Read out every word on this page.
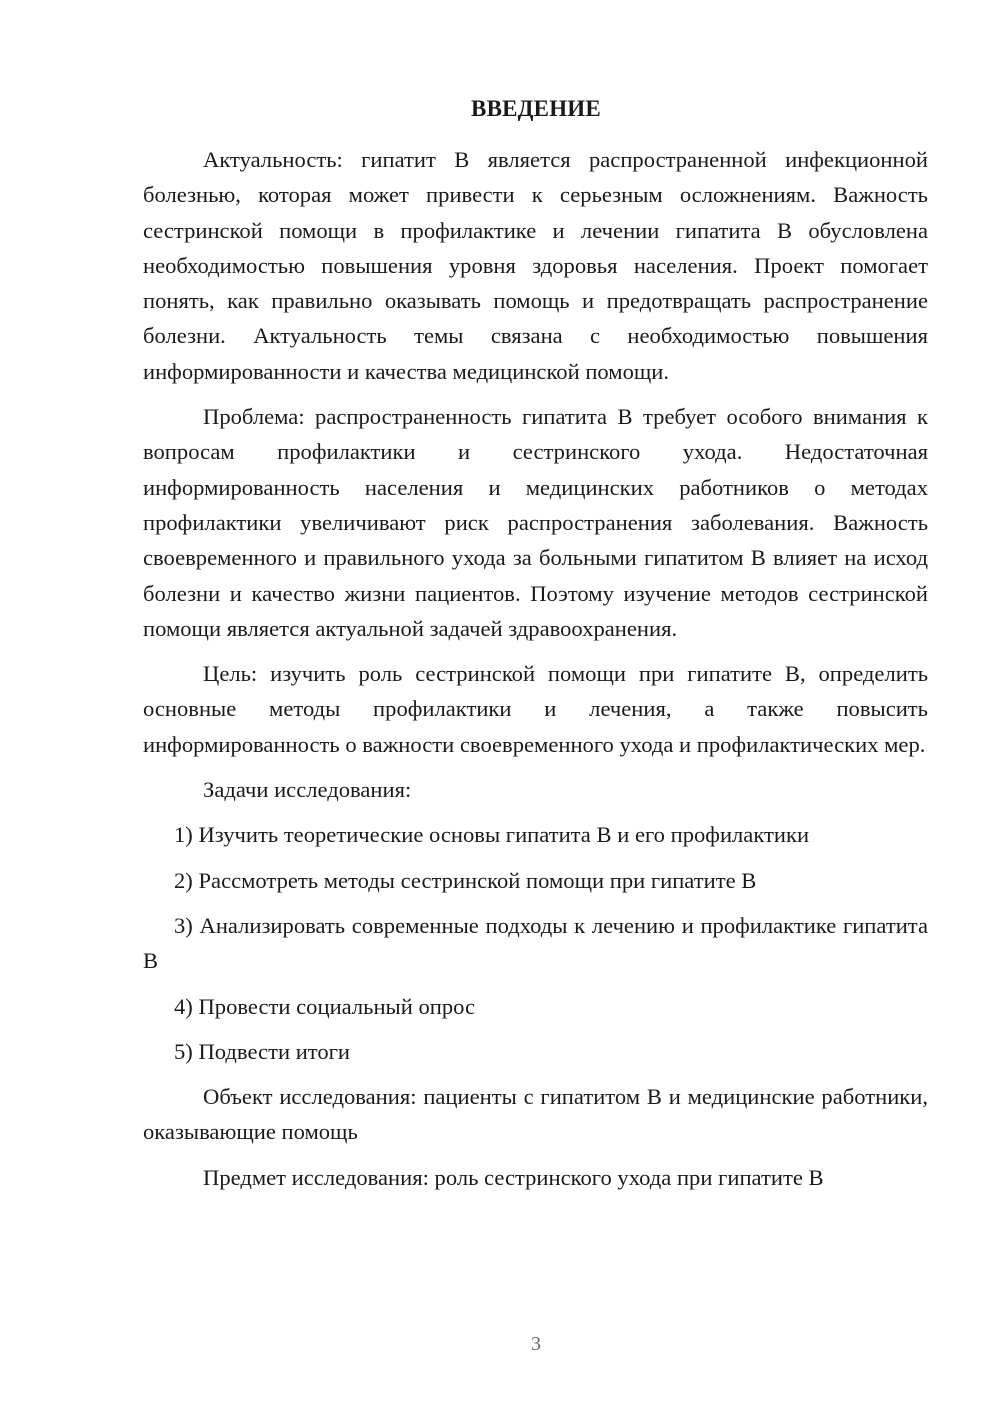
ВВЕДЕНИЕ

Актуальность: гипатит В является распространенной инфекционной болезнью, которая может привести к серьезным осложнениям. Важность сестринской помощи в профилактике и лечении гипатита В обусловлена необходимостью повышения уровня здоровья населения. Проект помогает понять, как правильно оказывать помощь и предотвращать распространение болезни. Актуальность темы связана с необходимостью повышения информированности и качества медицинской помощи.

Проблема: распространенность гипатита В требует особого внимания к вопросам профилактики и сестринского ухода. Недостаточная информированность населения и медицинских работников о методах профилактики увеличивают риск распространения заболевания. Важность своевременного и правильного ухода за больными гипатитом В влияет на исход болезни и качество жизни пациентов. Поэтому изучение методов сестринской помощи является актуальной задачей здравоохранения.

Цель: изучить роль сестринской помощи при гипатите В, определить основные методы профилактики и лечения, а также повысить информированность о важности своевременного ухода и профилактических мер.

Задачи исследования:

1) Изучить теоретические основы гипатита В и его профилактики

2) Рассмотреть методы сестринской помощи при гипатите В

3) Анализировать современные подходы к лечению и профилактике гипатита В

4) Провести социальный опрос

5) Подвести итоги

Объект исследования: пациенты с гипатитом В и медицинские работники, оказывающие помощь

Предмет исследования: роль сестринского ухода при гипатите В

3
